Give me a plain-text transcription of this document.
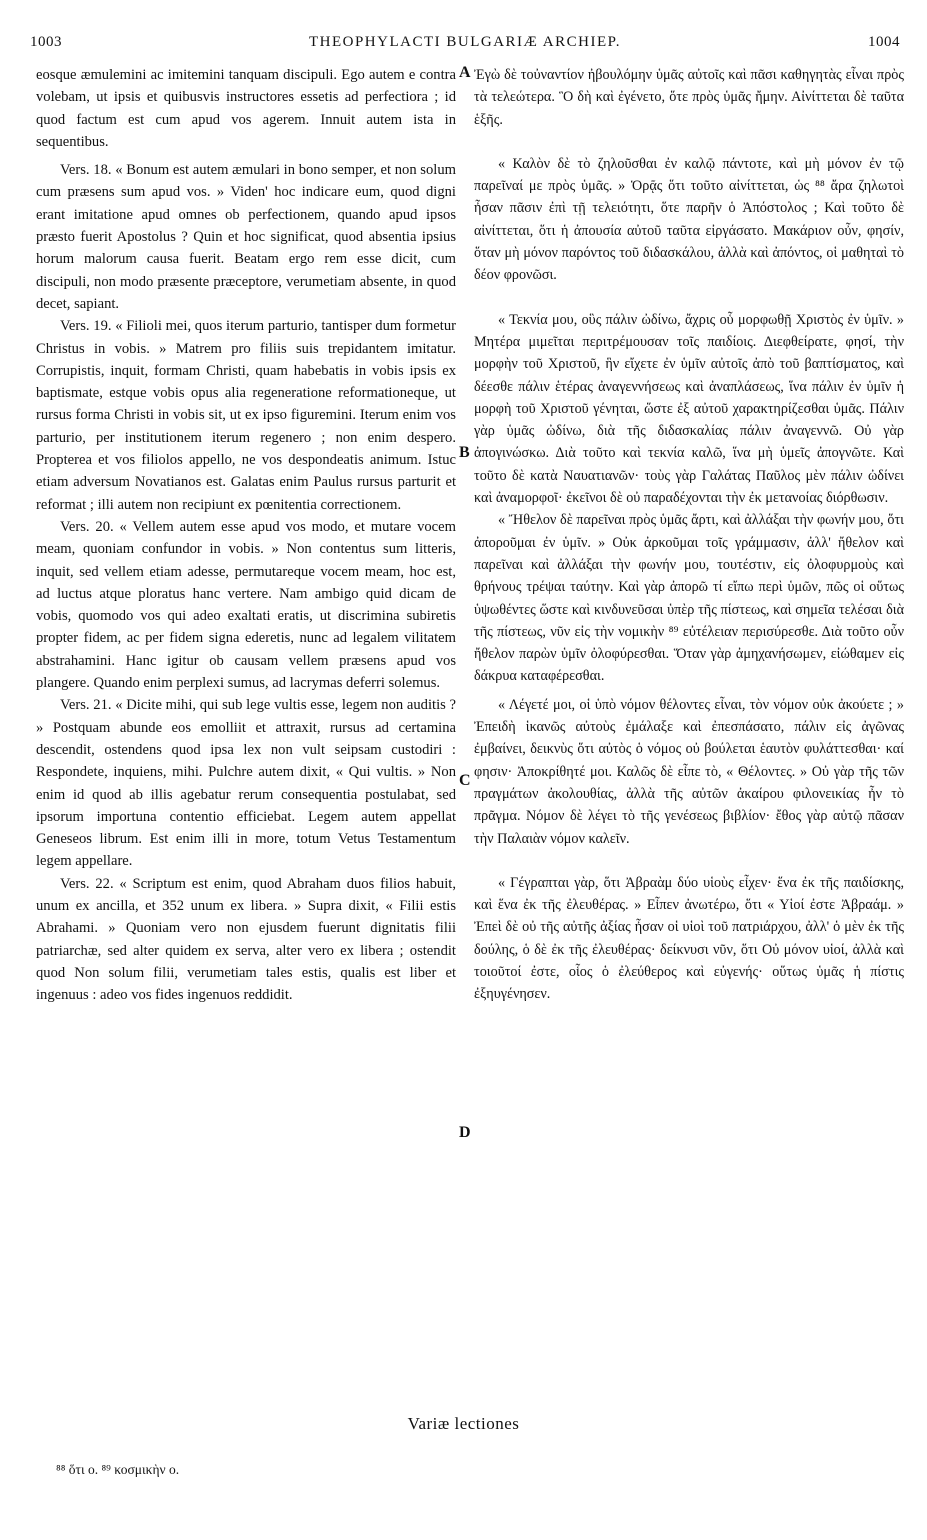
1003	THEOPHYLACTI BULGARIÆ ARCHIEP.	1004

eosque æmulemini ac imitemini tanquam discipuli. Ego autem e contra volebam, ut ipsis et quibusvis instructores essetis ad perfectiora ; id quod factum est cum apud vos agerem. Innuit autem ista in sequentibus.

Vers. 18. « Bonum est autem æmulari in bono semper, et non solum cum præsens sum apud vos. » Viden' hoc indicare eum, quod digni erant imitatione apud omnes ob perfectionem, quando apud ipsos præsto fuerit Apostolus ? Quin et hoc significat, quod absentia ipsius horum malorum causa fuerit. Beatam ergo rem esse dicit, cum discipuli, non modo præsente præceptore, verumetiam absente, in quod decet, sapiant.

Vers. 19. « Filioli mei, quos iterum parturio, tantisper dum formetur Christus in vobis. » Matrem pro filiis suis trepidantem imitatur. Corrupistis, inquit, formam Christi, quam habebatis in vobis ipsis ex baptismate, estque vobis opus alia regeneratione reformationeque, ut rursus forma Christi in vobis sit, ut ex ipso figuremini. Iterum enim vos parturio, per institutionem iterum regenero ; non enim despero. Propterea et vos filiolos appello, ne vos despondeatis animum. Istuc etiam adversum Novatianos est. Galatas enim Paulus rursus parturit et reformat ; illi autem non recipiunt ex pœnitentia correctionem.

Vers. 20. « Vellem autem esse apud vos modo, et mutare vocem meam, quoniam confundor in vobis. » Non contentus sum litteris, inquit, sed vellem etiam adesse, permutareque vocem meam, hoc est, ad luctus atque ploratus hanc vertere. Nam ambigo quid dicam de vobis, quomodo vos qui adeo exaltati eratis, ut discrimina subiretis propter fidem, ac per fidem signa ederetis, nunc ad legalem vilitatem abstrahamini. Hanc igitur ob causam vellem præsens apud vos plangere. Quando enim perplexi sumus, ad lacrymas deferri solemus.

Vers. 21. « Dicite mihi, qui sub lege vultis esse, legem non auditis ? » Postquam abunde eos emolliit et attraxit, rursus ad certamina descendit, ostendens quod ipsa lex non vult seipsam custodiri : Respondete, inquiens, mihi. Pulchre autem dixit, « Qui vultis. » Non enim id quod ab illis agebatur rerum consequentia postulabat, sed ipsorum importuna contentio efficiebat. Legem autem appellat Geneseos librum. Est enim illi in more, totum Vetus Testamentum legem appellare.

Vers. 22. « Scriptum est enim, quod Abraham duos filios habuit, unum ex ancilla, et 352 unum ex libera. » Supra dixit, « Filii estis Abrahami. » Quoniam vero non ejusdem fuerunt dignitatis filii patriarchæ, sed alter quidem ex serva, alter vero ex libera ; ostendit quod Non solum filii, verumetiam tales estis, qualis est liber et ingenuus : adeo vos fides ingenuos reddidit.

A
B
C
D

Ἐγὼ δὲ τοὐναντίον ἠβουλόμην ὑμᾶς αὐτοῖς καὶ πᾶσι καθηγητὰς εἶναι πρὸς τὰ τελεώτερα. Ὃ δὴ καὶ ἐγένετο, ὅτε πρὸς ὑμᾶς ἤμην. Αἰνίττεται δὲ ταῦτα ἑξῆς.

« Καλὸν δὲ τὸ ζηλοῦσθαι ἐν καλῷ πάντοτε, καὶ μὴ μόνον ἐν τῷ παρεῖναί με πρὸς ὑμᾶς. » Ὁρᾷς ὅτι τοῦτο αἰνίττεται, ὡς ⁸⁸ ἄρα ζηλωτοὶ ἦσαν πᾶσιν ἐπὶ τῇ τελειότητι, ὅτε παρῆν ὁ Ἀπόστολος ; Καὶ τοῦτο δὲ αἰνίττεται, ὅτι ἡ ἀπουσία αὐτοῦ ταῦτα εἰργάσατο. Μακάριον οὖν, φησίν, ὅταν μὴ μόνον παρόντος τοῦ διδασκάλου, ἀλλὰ καὶ ἀπόντος, οἱ μαθηταὶ τὸ δέον φρονῶσι.

« Τεκνία μου, οὓς πάλιν ὠδίνω, ἄχρις οὗ μορφωθῇ Χριστὸς ἐν ὑμῖν. » Μητέρα μιμεῖται περιτρέμουσαν τοῖς παιδίοις. Διεφθείρατε, φησί, τὴν μορφὴν τοῦ Χριστοῦ, ἣν εἴχετε ἐν ὑμῖν αὐτοῖς ἀπὸ τοῦ βαπτίσματος, καὶ δέεσθε πάλιν ἑτέρας ἀναγεννήσεως καὶ ἀναπλάσεως, ἵνα πάλιν ἐν ὑμῖν ἡ μορφὴ τοῦ Χριστοῦ γένηται, ὥστε ἐξ αὐτοῦ χαρακτηρίζεσθαι ὑμᾶς. Πάλιν γὰρ ὑμᾶς ὠδίνω, διὰ τῆς διδασκαλίας πάλιν ἀναγεννῶ. Οὐ γὰρ ἀπογινώσκω. Διὰ τοῦτο καὶ τεκνία καλῶ, ἵνα μὴ ὑμεῖς ἀπογνῶτε. Καὶ τοῦτο δὲ κατὰ Ναυατιανῶν· τοὺς γὰρ Γαλάτας Παῦλος μὲν πάλιν ὠδίνει καὶ ἀναμορφοῖ· ἐκεῖνοι δὲ οὐ παραδέχονται τὴν ἐκ μετανοίας διόρθωσιν.

« Ἤθελον δὲ παρεῖναι πρὸς ὑμᾶς ἄρτι, καὶ ἀλλάξαι τὴν φωνήν μου, ὅτι ἀποροῦμαι ἐν ὑμῖν. » Οὐκ ἀρκοῦμαι τοῖς γράμμασιν, ἀλλ' ἤθελον καὶ παρεῖναι καὶ ἀλλάξαι τὴν φωνήν μου, τουτέστιν, εἰς ὀλοφυρμοὺς καὶ θρήνους τρέψαι ταύτην. Καὶ γὰρ ἀπορῶ τί εἴπω περὶ ὑμῶν, πῶς οἱ οὕτως ὑψωθέντες ὥστε καὶ κινδυνεῦσαι ὑπὲρ τῆς πίστεως, καὶ σημεῖα τελέσαι διὰ τῆς πίστεως, νῦν εἰς τὴν νομικὴν ⁸⁹ εὐτέλειαν περισύρεσθε. Διὰ τοῦτο οὖν ἤθελον παρὼν ὑμῖν ὀλοφύρεσθαι. Ὅταν γὰρ ἀμηχανήσωμεν, εἰώθαμεν εἰς δάκρυα καταφέρεσθαι.

« Λέγετέ μοι, οἱ ὑπὸ νόμον θέλοντες εἶναι, τὸν νόμον οὐκ ἀκούετε ; » Ἐπειδὴ ἱκανῶς αὐτοὺς ἐμάλαξε καὶ ἐπεσπάσατο, πάλιν εἰς ἀγῶνας ἐμβαίνει, δεικνὺς ὅτι αὐτὸς ὁ νόμος οὐ βούλεται ἑαυτὸν φυλάττεσθαι· καί φησιν· Ἀποκρίθητέ μοι. Καλῶς δὲ εἶπε τὸ, « Θέλοντες. » Οὐ γὰρ τῆς τῶν πραγμάτων ἀκολουθίας, ἀλλὰ τῆς αὐτῶν ἀκαίρου φιλονεικίας ἦν τὸ πρᾶγμα. Νόμον δὲ λέγει τὸ τῆς γενέσεως βιβλίον· ἔθος γὰρ αὐτῷ πᾶσαν τὴν Παλαιὰν νόμον καλεῖν.

« Γέγραπται γὰρ, ὅτι Ἀβραὰμ δύο υἱοὺς εἶχεν· ἕνα ἐκ τῆς παιδίσκης, καὶ ἕνα ἐκ τῆς ἐλευθέρας. » Εἶπεν ἀνωτέρω, ὅτι « Υἱοί ἐστε Ἀβραάμ. » Ἐπεὶ δὲ οὐ τῆς αὐτῆς ἀξίας ἦσαν οἱ υἱοὶ τοῦ πατριάρχου, ἀλλ' ὁ μὲν ἐκ τῆς δούλης, ὁ δὲ ἐκ τῆς ἐλευθέρας· δείκνυσι νῦν, ὅτι Οὐ μόνον υἱοί, ἀλλὰ καὶ τοιοῦτοί ἐστε, οἷος ὁ ἐλεύθερος καὶ εὐγενής· οὕτως ὑμᾶς ἡ πίστις ἐξηυγένησεν.

Variæ lectiones
⁸⁸ ὅτι ο. ⁸⁹ κοσμικὴν ο.
